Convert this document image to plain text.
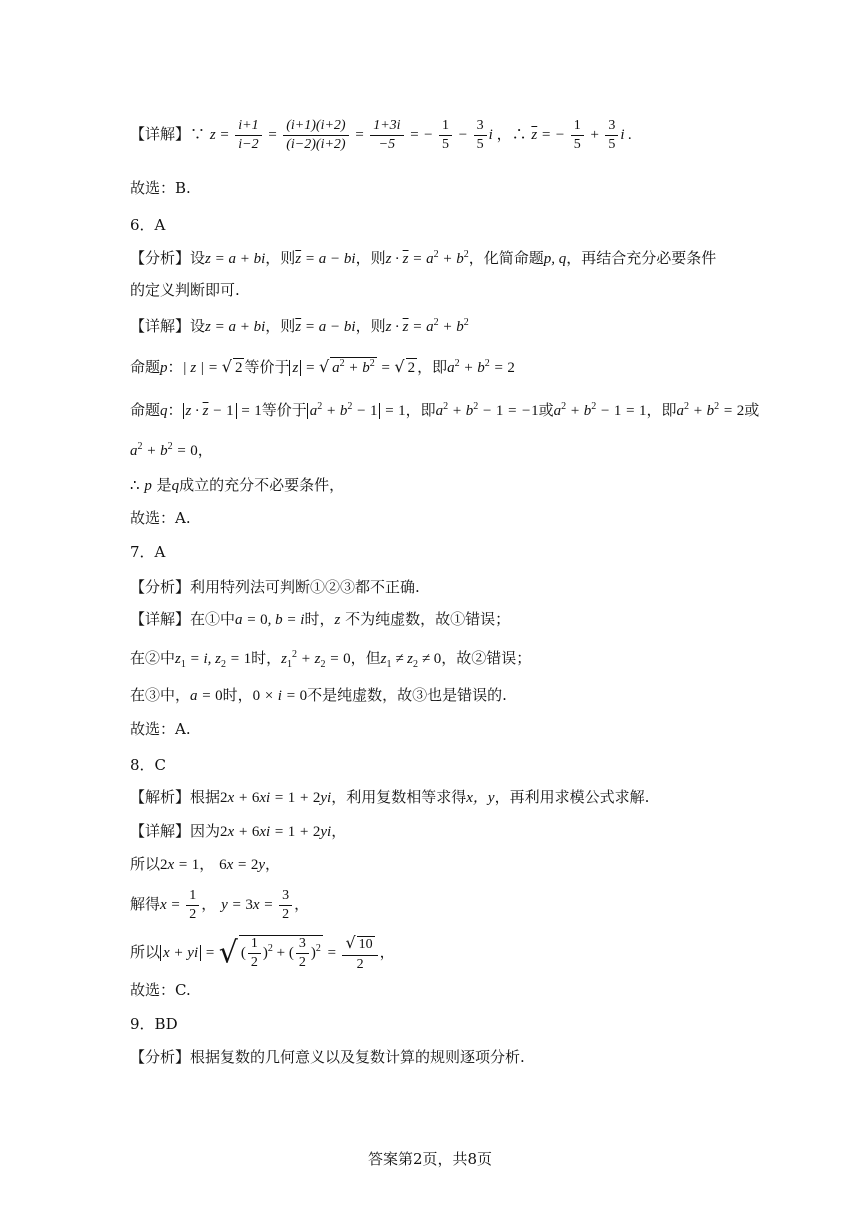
【详解】∵ $z = \frac{i+1}{i-2} = \frac{(i+1)(i+2)}{(i-2)(i+2)} = \frac{1+3i}{-5}$ = − $\frac{1}{5} - \frac{3}{5}$ i ，∴ $\overline{z}$ = − $\frac{1}{5} + \frac{3}{5}$ i .
故选：B.
6．A
【分析】设z = a + bi，则$\overline{z} = a$ − bi，则$z \cdot \overline{z} = a^2 + b^2$，化简命题p, q，再结合充分必要条件
的定义判断即可.
【详解】设z = a + bi，则$\overline{z} = a$ − bi，则$z \cdot \overline{z} = a^2 + b^2$
命题p：| z | = √ 2 等价于 z = √ $a^2 + b^2$ = √ 2 ，即$a^2 + b^2 = 2$
命题q： $z \cdot \overline{z} - 1 = 1$等价于 $a^2 + b^2 - 1 = 1$，即$a^2 + b^2 - 1 = -1$或$a^2 + b^2 - 1 = 1$，即$a^2 + b^2 = 2$或
$a^2 + b^2 = 0$，
∴ p 是q成立的充分不必要条件，
故选：A.
7．A
【分析】利用特列法可判断①②③都不正确.
【详解】在①中a = 0, b = i时，z 不为纯虚数，故①错误；
在②中$z_1 = i$, $z_2 = 1$时，$z_1^2 + z_2 = 0$，但$z_1 \ne z_2 \ne 0$，故②错误；
在③中，a = 0时，0 × i = 0不是纯虚数，故③也是错误的.
故选：A.
8．C
【解析】根据2x + 6xi = 1 + 2yi，利用复数相等求得x，y，再利用求模公式求解.
【详解】因为2x + 6xi = 1 + 2yi，
所以2x = 1， 6x = 2y，
解得$x = \frac{1}{2}$ ， $y = 3x = \frac{3}{2}$ ，
所以 x + yi = √ ( $\frac{1}{2} )^2$ + ( $\frac{3}{2} )^2 = \frac{√ 10}{2}$ ，
故选：C.
9．BD
【分析】根据复数的几何意义以及复数计算的规则逐项分析.
答案第2页，共8页
